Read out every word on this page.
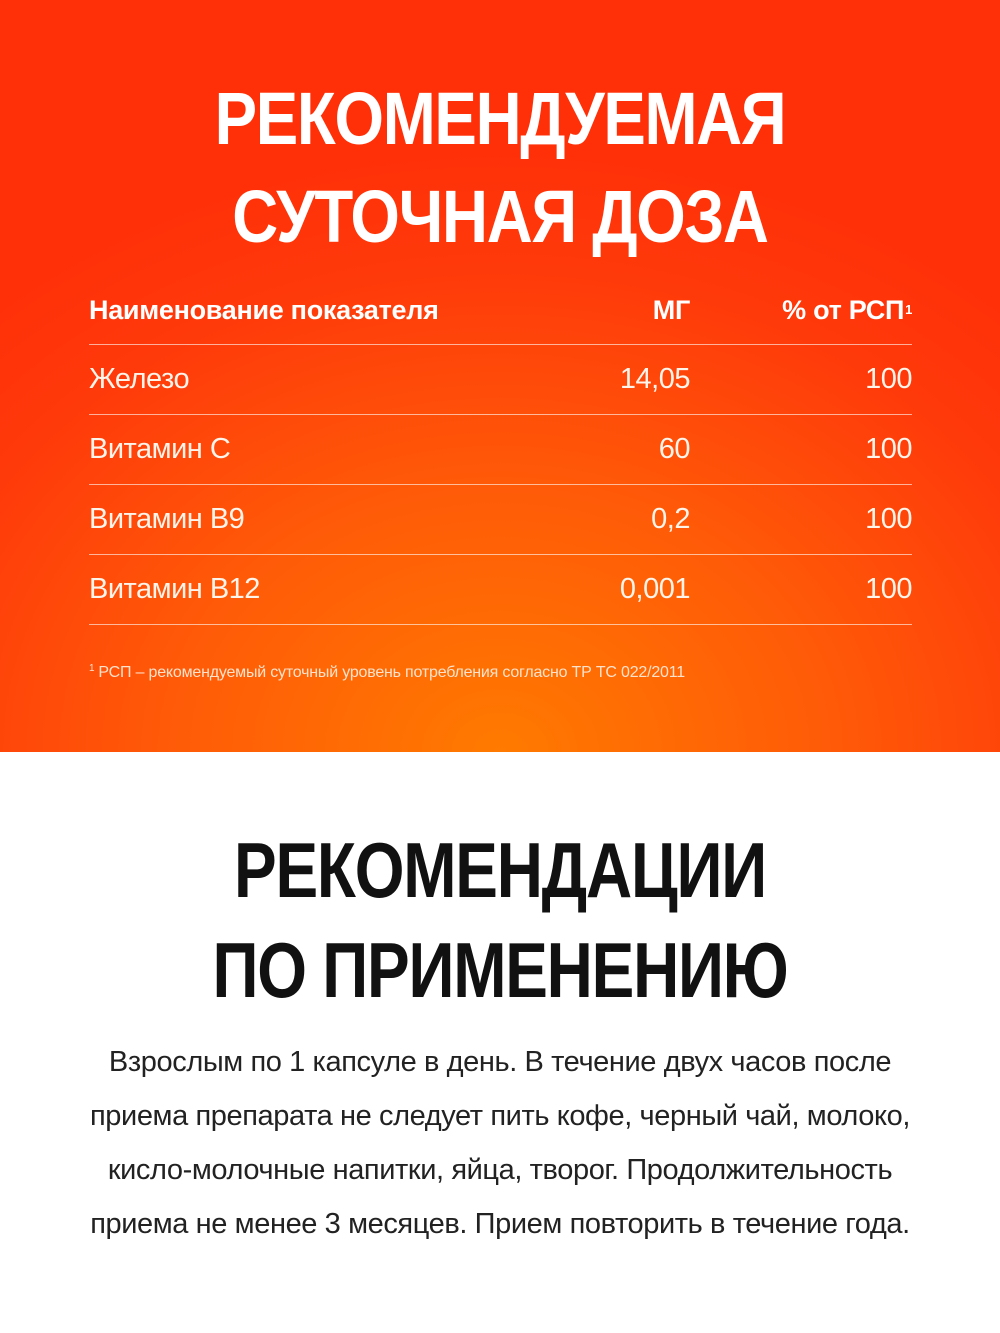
РЕКОМЕНДУЕМАЯ
СУТОЧНАЯ ДОЗА
Наименование показателя	МГ	% от РСП 1
Железо	14,05	100
Витамин С	60	100
Витамин В9	0,2	100
Витамин В12	0,001	100
$^1$ РСП – рекомендуемый суточный уровень потребления согласно ТР ТС 022/2011
РЕКОМЕНДАЦИИ
ПО ПРИМЕНЕНИЮ
Взрослым по 1 капсуле в день. В течение двух часов после
приема препарата не следует пить кофе, черный чай, молоко,
кисло-молочные напитки, яйца, творог. Продолжительность
приема не менее 3 месяцев. Прием повторить в течение года.
